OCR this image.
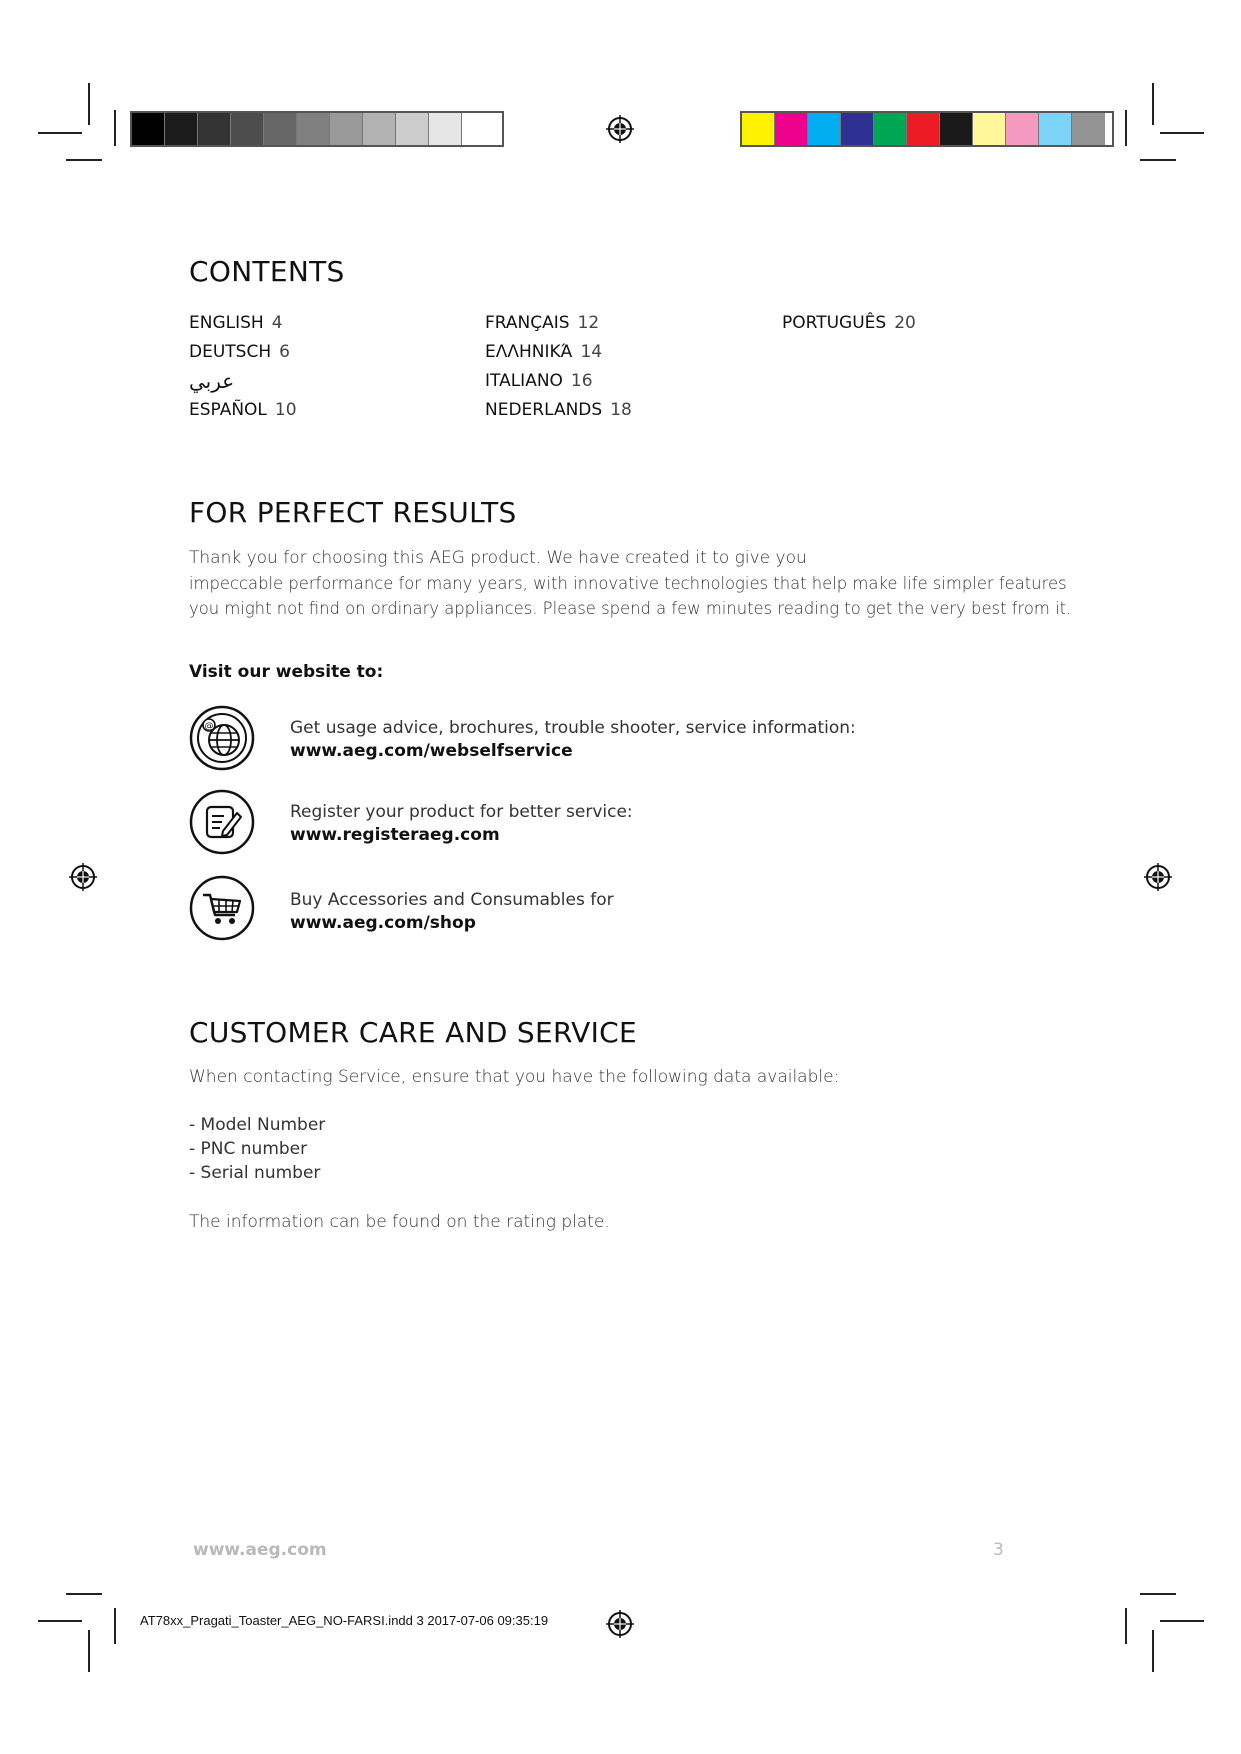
CONTENTS
ENGLISH 4
DEUTSCH 6
عربي
ESPAÑOL 10
FRANÇAIS 12
ΕΛΛΗΝΙΚΆ 14
ITALIANO 16
NEDERLANDS 18
PORTUGUÊS 20
FOR PERFECT RESULTS
Thank you for choosing this AEG product. We have created it to give you
impeccable performance for many years, with innovative technologies that help make life simpler features
you might not find on ordinary appliances. Please spend a few minutes reading to get the very best from it.
Visit our website to:
@	Get usage advice, brochures, trouble shooter, service information:
www.aeg.com/webselfservice
Register your product for better service:
www.registeraeg.com
Buy Accessories and Consumables for
www.aeg.com/shop
CUSTOMER CARE AND SERVICE
When contacting Service, ensure that you have the following data available:
- Model Number
- PNC number
- Serial number
The information can be found on the rating plate.
www.aeg.com	3
AT78xx_Pragati_Toaster_AEG_NO-FARSI.indd 3 2017-07-06 09:35:19
